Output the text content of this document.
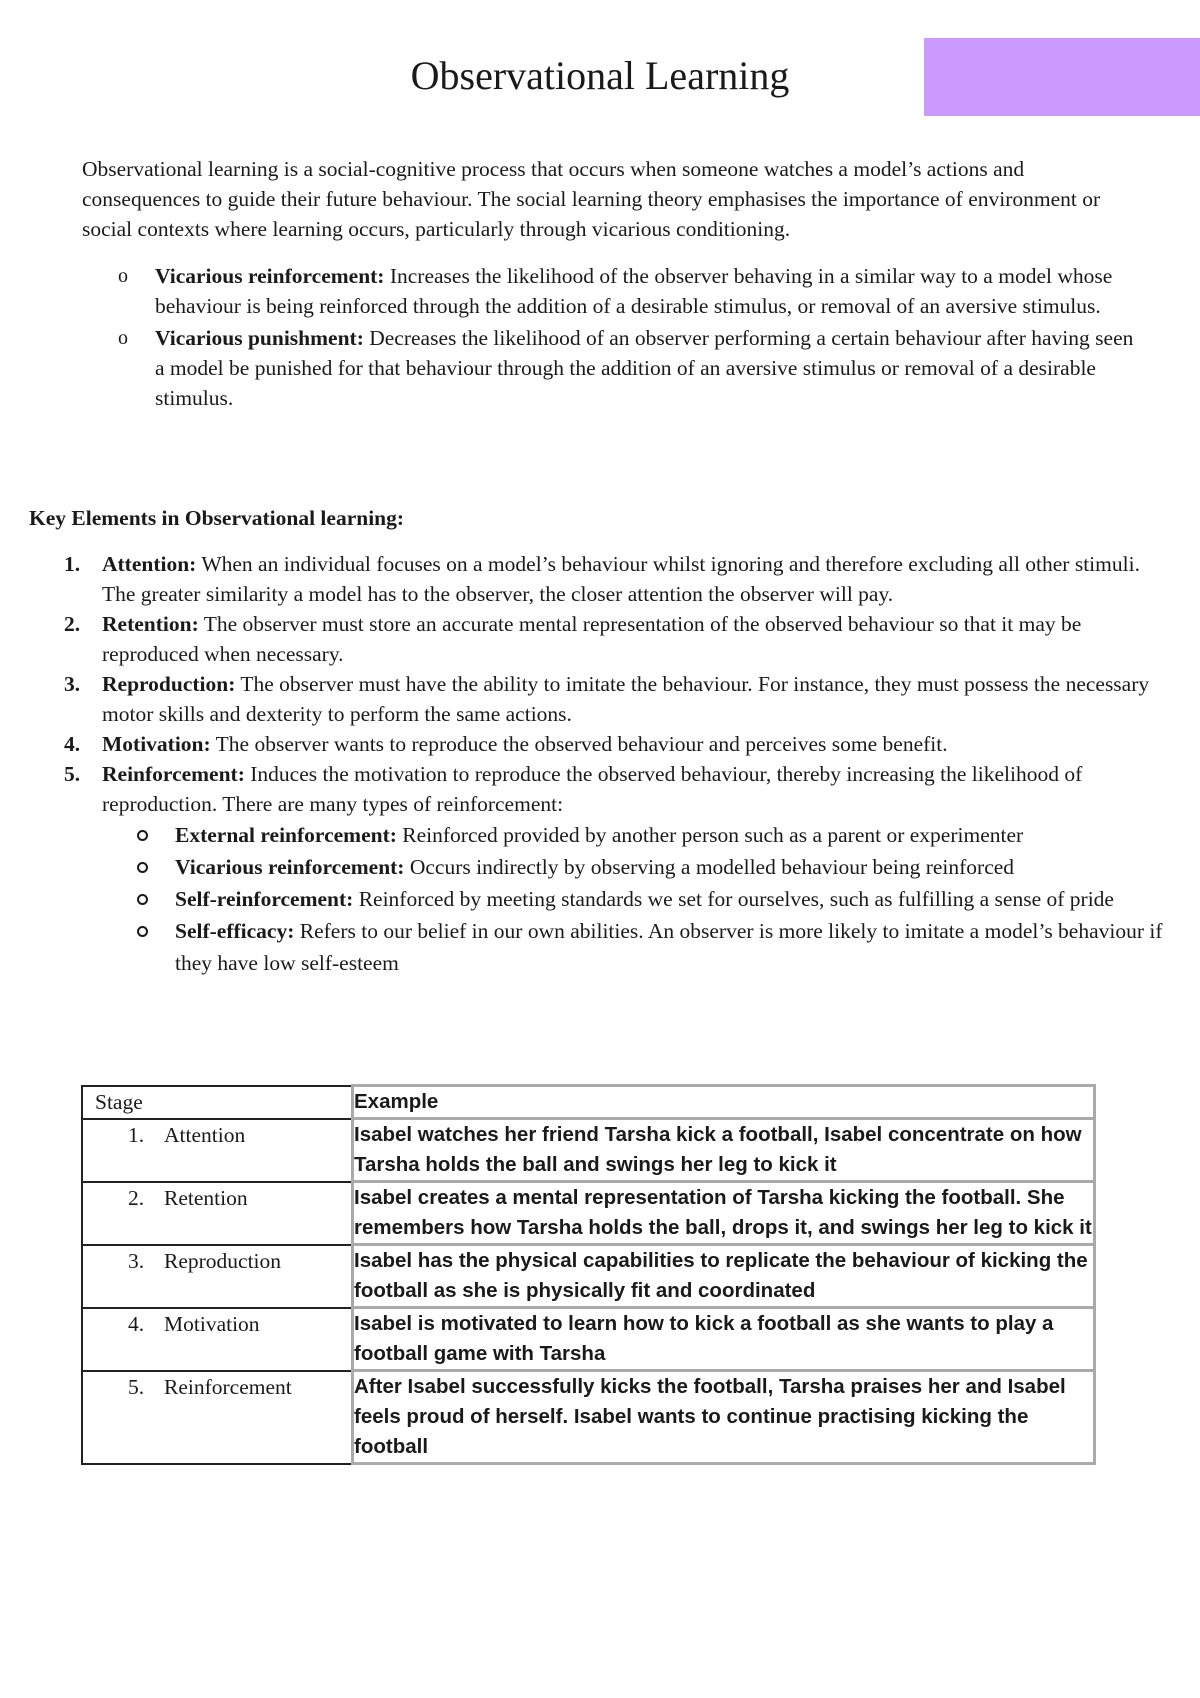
Observational Learning

Observational learning is a social-cognitive process that occurs when someone watches a model’s actions and consequences to guide their future behaviour. The social learning theory emphasises the importance of environment or social contexts where learning occurs, particularly through vicarious conditioning.

o Vicarious reinforcement: Increases the likelihood of the observer behaving in a similar way to a model whose behaviour is being reinforced through the addition of a desirable stimulus, or removal of an aversive stimulus.
o Vicarious punishment: Decreases the likelihood of an observer performing a certain behaviour after having seen a model be punished for that behaviour through the addition of an aversive stimulus or removal of a desirable stimulus.
Key Elements in Observational learning:
1. Attention: When an individual focuses on a model’s behaviour whilst ignoring and therefore excluding all other stimuli. The greater similarity a model has to the observer, the closer attention the observer will pay.
2. Retention: The observer must store an accurate mental representation of the observed behaviour so that it may be reproduced when necessary.
3. Reproduction: The observer must have the ability to imitate the behaviour. For instance, they must possess the necessary motor skills and dexterity to perform the same actions.
4. Motivation: The observer wants to reproduce the observed behaviour and perceives some benefit.
5. Reinforcement: Induces the motivation to reproduce the observed behaviour, thereby increasing the likelihood of reproduction. There are many types of reinforcement:
External reinforcement: Reinforced provided by another person such as a parent or experimenter
Vicarious reinforcement: Occurs indirectly by observing a modelled behaviour being reinforced
Self-reinforcement: Reinforced by meeting standards we set for ourselves, such as fulfilling a sense of pride
Self-efficacy: Refers to our belief in our own abilities. An observer is more likely to imitate a model’s behaviour if they have low self-esteem
Stage	Example

1. Attention	Isabel watches her friend Tarsha kick a football, Isabel concentrate on how Tarsha holds the ball and swings her leg to kick it

2. Retention	Isabel creates a mental representation of Tarsha kicking the football. She remembers how Tarsha holds the ball, drops it, and swings her leg to kick it

3. Reproduction	Isabel has the physical capabilities to replicate the behaviour of kicking the football as she is physically fit and coordinated

4. Motivation	Isabel is motivated to learn how to kick a football as she wants to play a football game with Tarsha

5. Reinforcement	After Isabel successfully kicks the football, Tarsha praises her and Isabel feels proud of herself. Isabel wants to continue practising kicking the football
